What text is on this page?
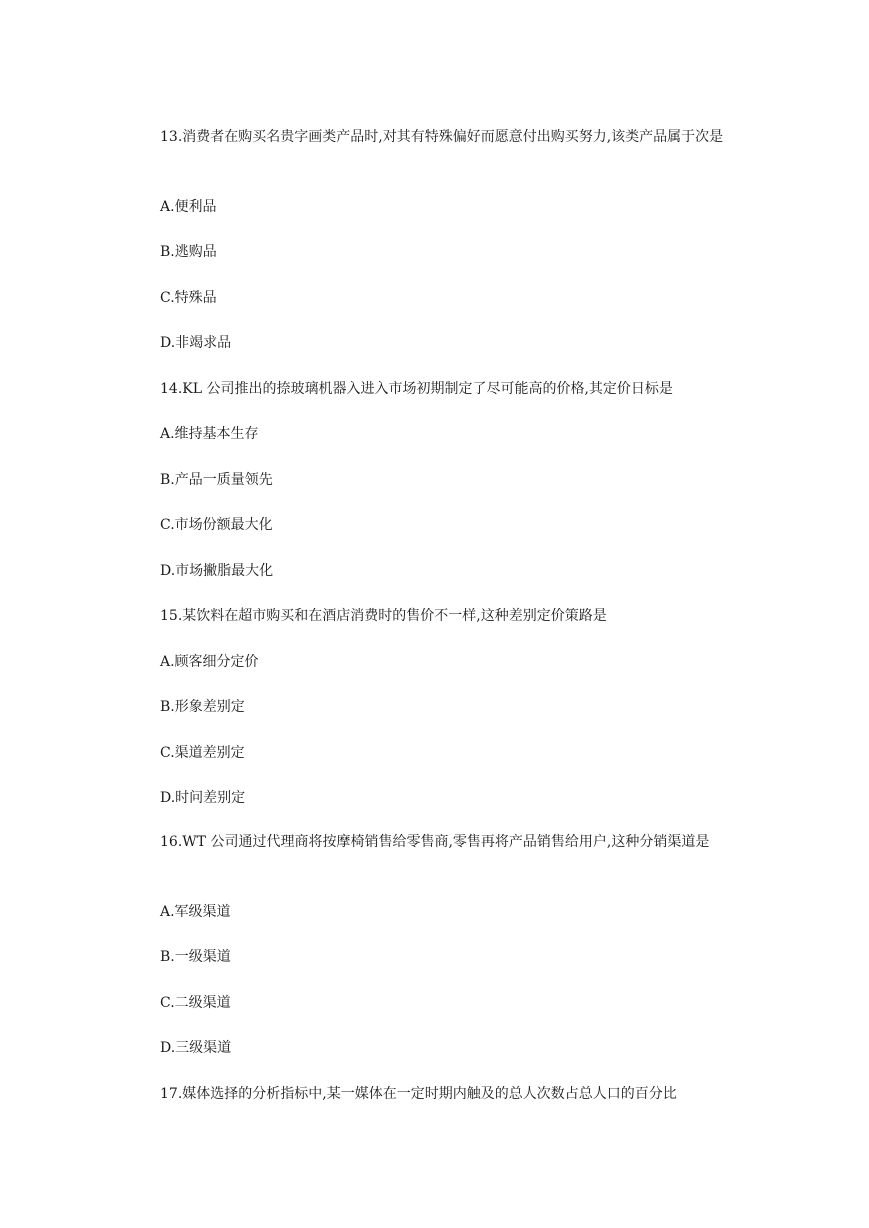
13.消费者在购买名贵字画类产品时,对其有特殊偏好而愿意付出购买努力,该类产品属于次是
A.便利品
B.逃购品
C.特殊品
D.非竭求品
14.KL 公司推出的捺玻璃机器入进入市场初期制定了尽可能高的价格,其定价日标是
A.维持基本生存
B.产品一质量领先
C.市场份额最大化
D.市场撇脂最大化
15.某饮料在超市购买和在酒店消费时的售价不一样,这种差别定价策路是
A.顾客细分定价
B.形象差别定
C.渠道差别定
D.时问差别定
16.WT 公司通过代理商将按摩椅销售给零售商,零售再将产品销售给用户,这种分销渠道是
A.军级渠道
B.一级渠道
C.二级渠道
D.三级渠道
17.媒体选择的分析指标中,某一媒体在一定时期内触及的总人次数占总人口的百分比
